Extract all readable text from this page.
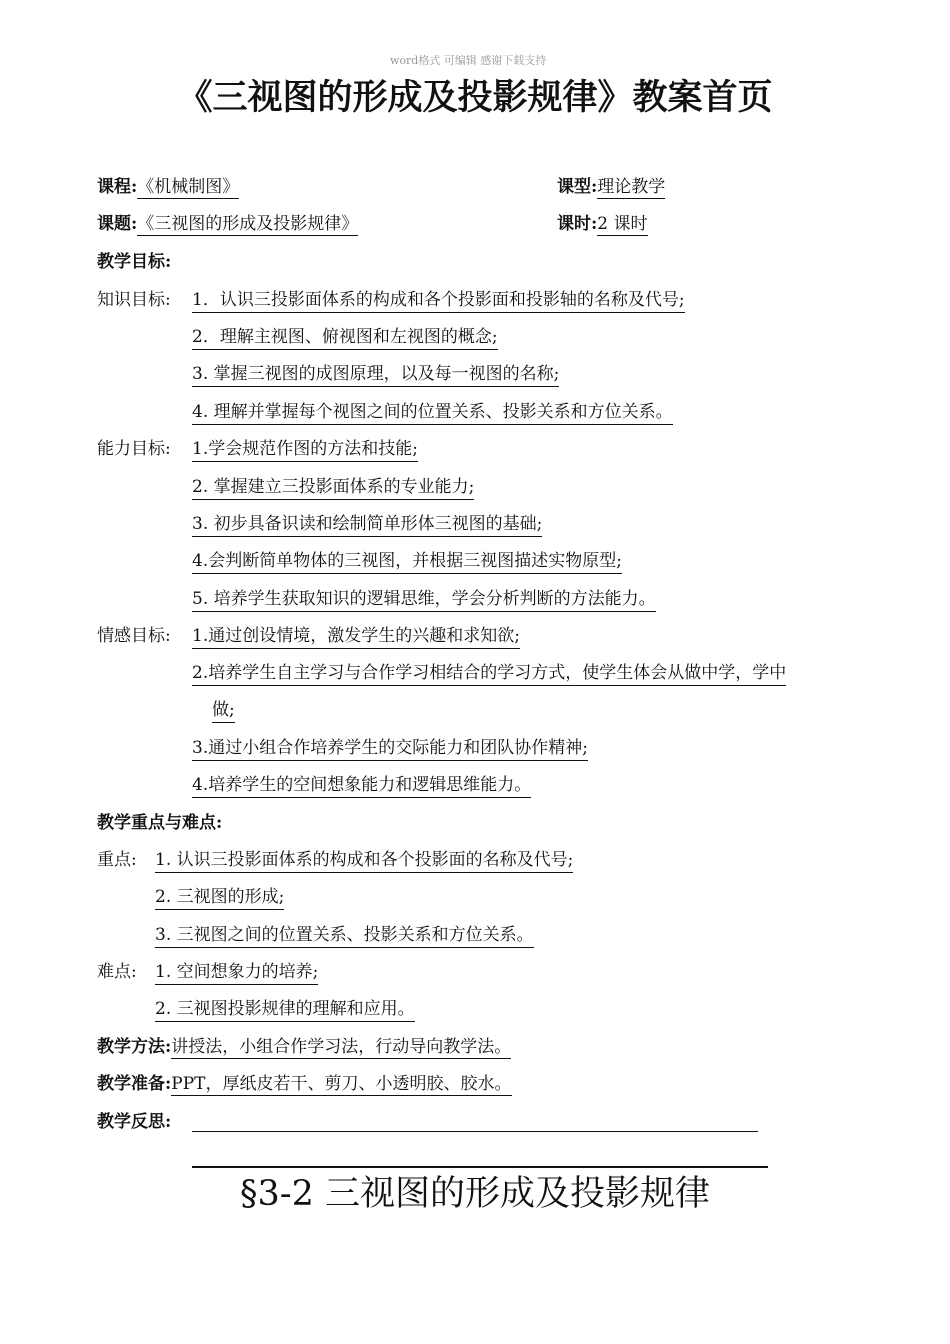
word格式 可编辑 感谢下载支持
《三视图的形成及投影规律》教案首页
课程:《机械制图》	课型:理论教学
课题:《三视图的形成及投影规律》	课时:2 课时
教学目标:
知识目标: 1．认识三投影面体系的构成和各个投影面和投影轴的名称及代号;
2．理解主视图、俯视图和左视图的概念;
3. 掌握三视图的成图原理，以及每一视图的名称;
4. 理解并掌握每个视图之间的位置关系、投影关系和方位关系。
能力目标: 1.学会规范作图的方法和技能;
2. 掌握建立三投影面体系的专业能力;
3. 初步具备识读和绘制简单形体三视图的基础;
4.会判断简单物体的三视图，并根据三视图描述实物原型;
5. 培养学生获取知识的逻辑思维，学会分析判断的方法能力。
情感目标: 1.通过创设情境，激发学生的兴趣和求知欲;
2.培养学生自主学习与合作学习相结合的学习方式，使学生体会从做中学，学中
做;
3.通过小组合作培养学生的交际能力和团队协作精神;
4.培养学生的空间想象能力和逻辑思维能力。
教学重点与难点:
重点: 1. 认识三投影面体系的构成和各个投影面的名称及代号;
2. 三视图的形成;
3. 三视图之间的位置关系、投影关系和方位关系。
难点: 1. 空间想象力的培养;
2. 三视图投影规律的理解和应用。
教学方法:讲授法，小组合作学习法，行动导向教学法。
教学准备:PPT，厚纸皮若干、剪刀、小透明胶、胶水。
教学反思:
§3-2 三视图的形成及投影规律
